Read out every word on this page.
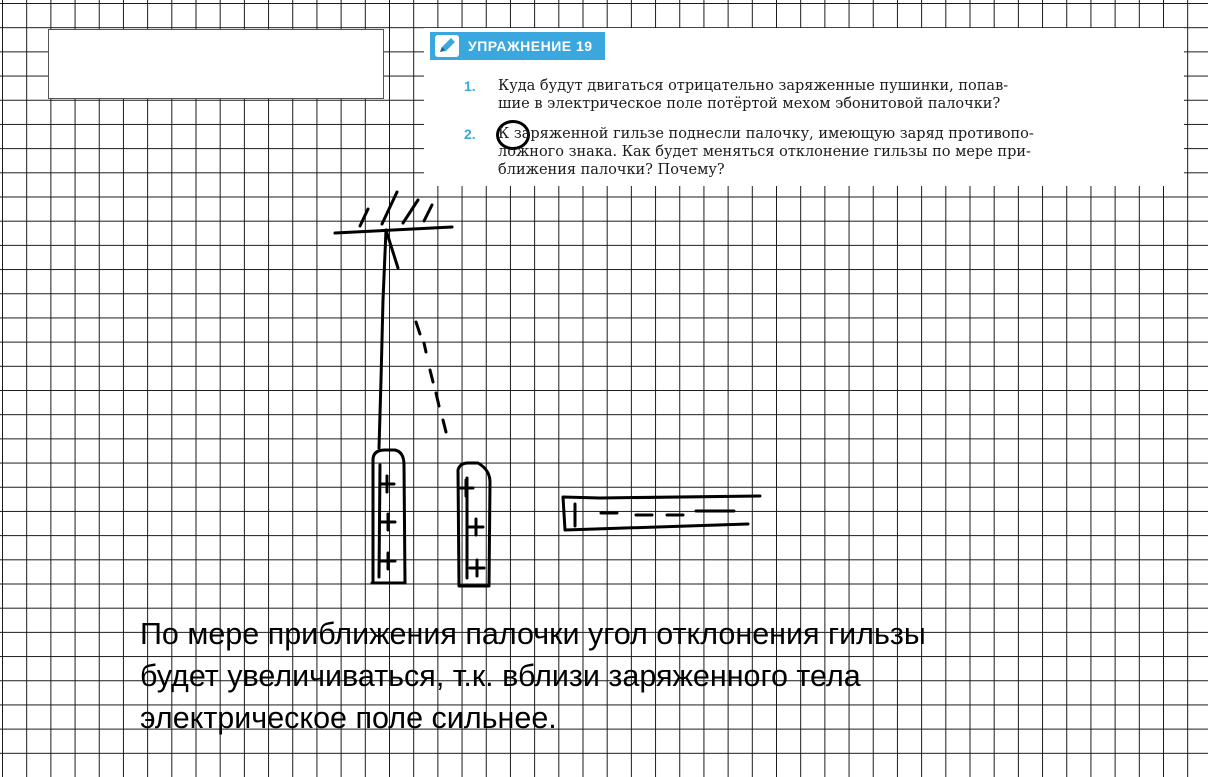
УПРАЖНЕНИЕ 19
1. Куда будут двигаться отрицательно заряженные пушинки, попав-
шие в электрическое поле потёртой мехом эбонитовой палочки?
2. К заряженной гильзе поднесли палочку, имеющую заряд противопо-
ложного знака. Как будет меняться отклонение гильзы по мере при-
ближения палочки? Почему?
По мере приближения палочки угол отклонения гильзы
будет увеличиваться, т.к. вблизи заряженного тела
электрическое поле сильнее.
